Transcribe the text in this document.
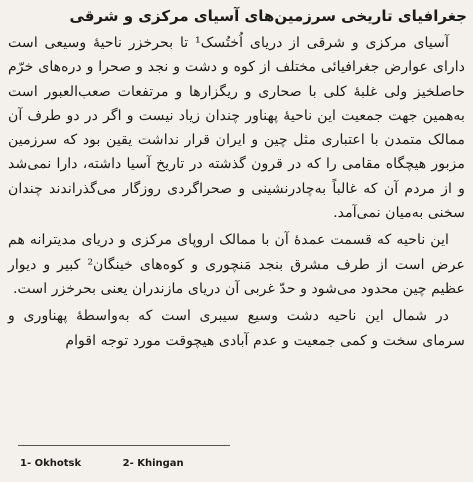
جغرافیای تاریخی سرزمین‌های آسیای مرکزی و شرقی

آسیای مرکزی و شرقی از دریای اُختُسک¹ تا بحرخزر ناحیهٔ وسیعی است دارای عوارض جغرافیائی مختلف از کوه و دشت و نجد و صحرا و دره‌های خرّم حاصلخیز ولی غلبهٔ کلی با صحاری و ریگزارها و مرتفعات صعب‌العبور است به‌همین جهت جمعیت این ناحیهٔ پهناور چندان زیاد نیست و اگر در دو طرف آن ممالک متمدن با اعتباری مثل چین و ایران قرار نداشت یقین بود که سرزمین مزبور هیچگاه مقامی را که در قرون گذشته در تاریخ آسیا داشته، دارا نمی‌شد و از مردم آن که غالباً به‌چادرنشینی و صحراگردی روزگار می‌گذراندند چندان سخنی به‌میان نمی‌آمد.

این ناحیه که قسمت عمدهٔ آن با ممالک اروپای مرکزی و دریای مدیترانه هم عرض است از طرف مشرق بنجد مَنچوری و کوه‌های خینگان² کبیر و دیوار عظیم چین محدود می‌شود و حدّ غربی آن دریای مازندران یعنی بحرخزر است.

در شمال این ناحیه دشت وسیع سیبری است که به‌واسطهٔ پهناوری و سرمای سخت و کمی جمعیت و عدم آبادی هیچوقت مورد توجه اقوام

1- Okhotsk	2- Khingan
